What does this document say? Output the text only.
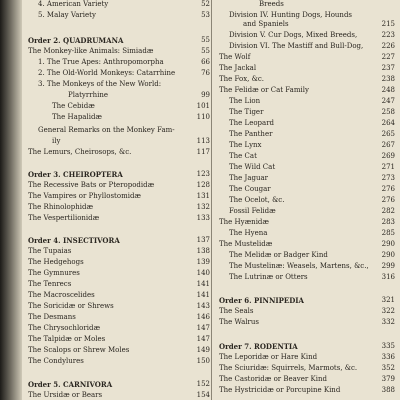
4. American Variety	52
5. Malay Variety	53
Order 2. QUADRUMANA	55
The Monkey-like Animals: Simiadæ	55
1. The True Apes: Anthropomorpha	66
2. The Old-World Monkeys: Catarrhine	76
3. The Monkeys of the New World:
Platyrrhine	99
The Cebidæ	101
The Hapalidæ	110
General Remarks on the Monkey Fam-
ily	113
The Lemurs, Cheirosops, &c.	117
Order 3. CHEIROPTERA	123
The Recessive Bats or Pteropodidæ	128
The Vampires or Phyllostomidæ	131
The Rhinolophidæ	132
The Vespertilionidæ	133
Order 4. INSECTIVORA	137
The Tupaias	138
The Hedgehogs	139
The Gymnures	140
The Tenrecs	141
The Macroscelides	141
The Soricidæ or Shrews	143
The Desmans	146
The Chrysochloridæ	147
The Talpidæ or Moles	147
The Scalops or Shrew Moles	149
The Condylures	150
Order 5. CARNIVORA	152
The Ursidæ or Bears	154
Breeds
Division IV. Hunting Dogs, Hounds
and Spaniels	215
Division V. Cur Dogs, Mixed Breeds,	223
Division VI. The Mastiff and Bull-Dog,	226
The Wolf	227
The Jackal	237
The Fox, &c.	238
The Felidæ or Cat Family	248
The Lion	247
The Tiger	258
The Leopard	264
The Panther	265
The Lynx	267
The Cat	269
The Wild Cat	271
The Jaguar	273
The Cougar	276
The Ocelot, &c.	276
Fossil Felidæ	282
The Hyænidæ	283
The Hyena	285
The Mustelidæ	290
The Melidæ or Badger Kind	290
The Mustelinæ: Weasels, Martens, &c.,	299
The Lutrinæ or Otters	316
Order 6. PINNIPEDIA	321
The Seals	322
The Walrus	332
Order 7. RODENTIA	335
The Leporidæ or Hare Kind	336
The Sciuridæ: Squirrels, Marmots, &c.	352
The Castoridæ or Beaver Kind	379
The Hystricidæ or Porcupine Kind	388
